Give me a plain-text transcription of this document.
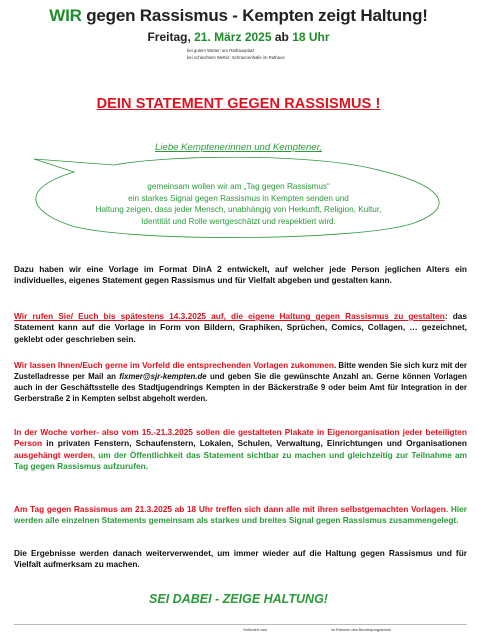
WIR gegen Rassismus - Kempten zeigt Haltung!
Freitag, 21. März 2025 ab 18 Uhr
bei gutem Wetter: am Rathausplatz
bei schlechtem Wetter: Schrannenhalle im Rathaus
DEIN STATEMENT GEGEN RASSISMUS !
Liebe Kemptenerinnen und Kemptener,
gemeinsam wollen wir am „Tag gegen Rassismus“
ein starkes Signal gegen Rassismus in Kempten senden und
Haltung zeigen, dass jeder Mensch, unabhängig von Herkunft, Religion, Kultur,
Identität und Rolle wertgeschätzt und respektiert wird.
Dazu haben wir eine Vorlage im Format DinA 2 entwickelt, auf welcher jede Person jeglichen Alters ein individuelles, eigenes Statement gegen Rassismus und für Vielfalt abgeben und gestalten kann.
Wir rufen Sie/ Euch bis spätestens 14.3.2025 auf, die eigene Haltung gegen Rassismus zu gestalten: das Statement kann auf die Vorlage in Form von Bildern, Graphiken, Sprüchen, Comics, Collagen, … gezeichnet, geklebt oder geschrieben sein.
Wir lassen Ihnen/Euch gerne im Vorfeld die entsprechenden Vorlagen zukommen. Bitte wenden Sie sich kurz mit der Zustelladresse per Mail an fixmer@sjr-kempten.de und geben Sie die gewünschte Anzahl an. Gerne können Vorlagen auch in der Geschäftsstelle des Stadtjugendrings Kempten in der Bäckerstraße 9 oder beim Amt für Integration in der Gerberstraße 2 in Kempten selbst abgeholt werden.
In der Woche vorher- also vom 15.-21.3.2025 sollen die gestalteten Plakate in Eigenorganisation jeder beteiligten Person in privaten Fenstern, Schaufenstern, Lokalen, Schulen, Verwaltung, Einrichtungen und Organisationen ausgehängt werden, um der Öffentlichkeit das Statement sichtbar zu machen und gleichzeitig zur Teilnahme am Tag gegen Rassismus aufzurufen.
Am Tag gegen Rassismus am 21.3.2025 ab 18 Uhr treffen sich dann alle mit ihren selbstgemachten Vorlagen. Hier werden alle einzelnen Statements gemeinsam als starkes und breites Signal gegen Rassismus zusammengelegt.
Die Ergebnisse werden danach weiterverwendet, um immer wieder auf die Haltung gegen Rassismus und für Vielfalt aufmerksam zu machen.
SEI DABEI - ZEIGE HALTUNG!
Gefördert vom	im Rahmen des Bundesprogramms
